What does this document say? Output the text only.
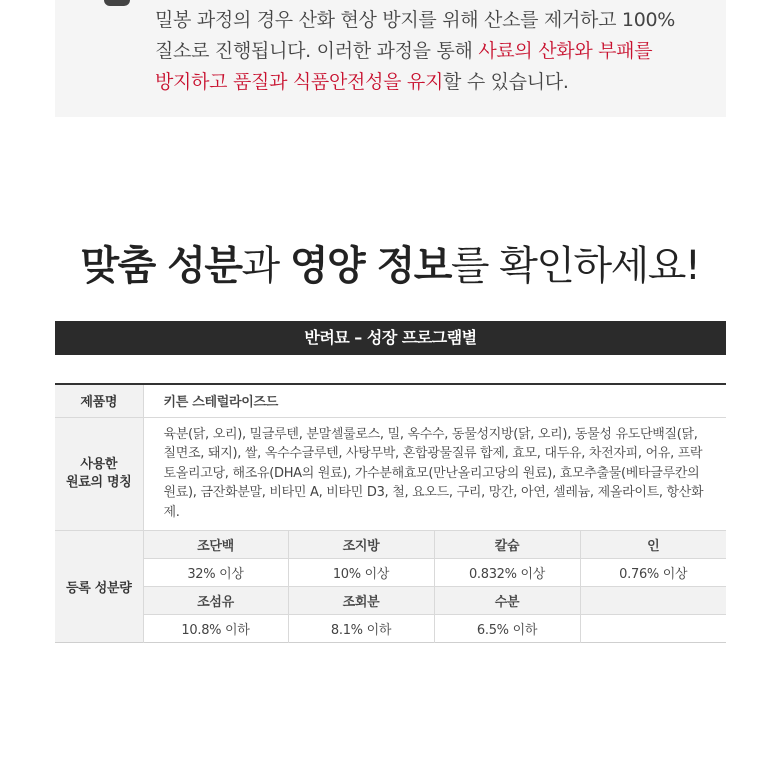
밀봉 과정의 경우 산화 현상 방지를 위해 산소를 제거하고 100%
질소로 진행됩니다. 이러한 과정을 통해 사료의 산화와 부패를
방지하고 품질과 식품안전성을 유지할 수 있습니다.
맞춤 성분과 영양 정보를 확인하세요!
반려묘 – 성장 프로그램별
제품명	키튼 스테럴라이즈드			

사용한
원료의 명칭	육분(닭, 오리), 밀글루텐, 분말셀룰로스, 밀, 옥수수, 동물성지방(닭, 오리), 동물성 유도단백질(닭, 칠면조, 돼지), 쌀, 옥수수글루텐, 사탕무박, 혼합광물질류 합제, 효모, 대두유, 차전자피, 어유, 프락토올리고당, 해조유(DHA의 원료), 가수분해효모(만난올리고당의 원료), 효모추출물(베타글루칸의 원료), 금잔화분말, 비타민 A, 비타민 D3, 철, 요오드, 구리, 망간, 아연, 셀레늄, 제올라이트, 항산화제.			
등록 성분량	조단백	조지방	칼슘	인
	32% 이상	10% 이상	0.832% 이상	0.76% 이상
	조섬유	조회분	수분	
	10.8% 이하	8.1% 이하	6.5% 이하	
